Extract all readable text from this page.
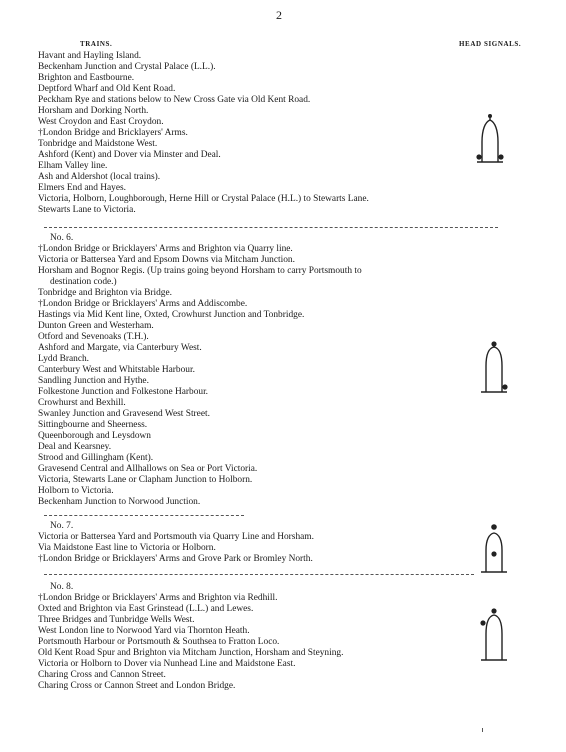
2
TRAINS.	HEAD SIGNALS.
Havant and Hayling Island.
Beckenham Junction and Crystal Palace (L.L.).
Brighton and Eastbourne.
Deptford Wharf and Old Kent Road.
Peckham Rye and stations below to New Cross Gate via Old Kent Road.
Horsham and Dorking North.
West Croydon and East Croydon.
†London Bridge and Bricklayers' Arms.
Tonbridge and Maidstone West.
Ashford (Kent) and Dover via Minster and Deal.
Elham Valley line.
Ash and Aldershot (local trains).
Elmers End and Hayes.
Victoria, Holborn, Loughborough, Herne Hill or Crystal Palace (H.L.) to Stewarts Lane.
Stewarts Lane to Victoria.
No. 6.
†London Bridge or Bricklayers' Arms and Brighton via Quarry line.
Victoria or Battersea Yard and Epsom Downs via Mitcham Junction.
Horsham and Bognor Regis. (Up trains going beyond Horsham to carry Portsmouth to
destination code.)
Tonbridge and Brighton via Bridge.
†London Bridge or Bricklayers' Arms and Addiscombe.
Hastings via Mid Kent line, Oxted, Crowhurst Junction and Tonbridge.
Dunton Green and Westerham.
Otford and Sevenoaks (T.H.).
Ashford and Margate, via Canterbury West.
Lydd Branch.
Canterbury West and Whitstable Harbour.
Sandling Junction and Hythe.
Folkestone Junction and Folkestone Harbour.
Crowhurst and Bexhill.
Swanley Junction and Gravesend West Street.
Sittingbourne and Sheerness.
Queenborough and Leysdown
Deal and Kearsney.
Strood and Gillingham (Kent).
Gravesend Central and Allhallows on Sea or Port Victoria.
Victoria, Stewarts Lane or Clapham Junction to Holborn.
Holborn to Victoria.
Beckenham Junction to Norwood Junction.
No. 7.
Victoria or Battersea Yard and Portsmouth via Quarry Line and Horsham.
Via Maidstone East line to Victoria or Holborn.
†London Bridge or Bricklayers' Arms and Grove Park or Bromley North.
No. 8.
†London Bridge or Bricklayers' Arms and Brighton via Redhill.
Oxted and Brighton via East Grinstead (L.L.) and Lewes.
Three Bridges and Tunbridge Wells West.
West London line to Norwood Yard via Thornton Heath.
Portsmouth Harbour or Portsmouth & Southsea to Fratton Loco.
Old Kent Road Spur and Brighton via Mitcham Junction, Horsham and Steyning.
Victoria or Holborn to Dover via Nunhead Line and Maidstone East.
Charing Cross and Cannon Street.
Charing Cross or Cannon Street and London Bridge.
